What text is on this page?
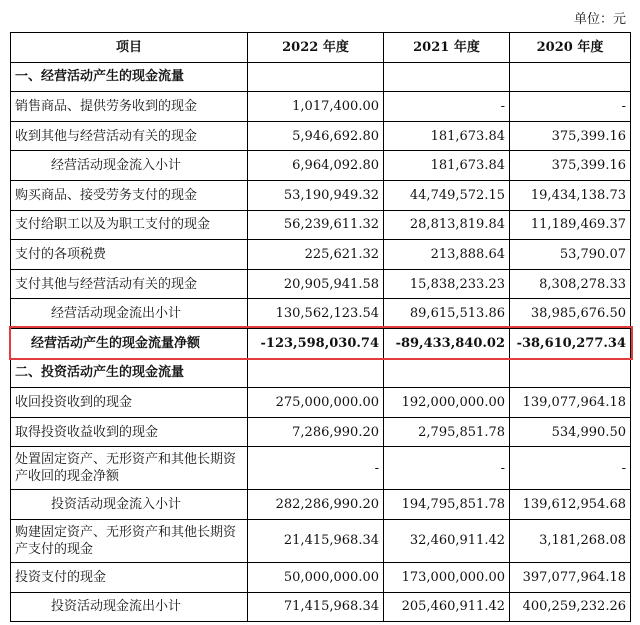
单位：元
项目	2022 年度	2021 年度	2020 年度
一、经营活动产生的现金流量			
销售商品、提供劳务收到的现金	1,017,400.00	-	-
收到其他与经营活动有关的现金	5,946,692.80	181,673.84	375,399.16
经营活动现金流入小计	6,964,092.80	181,673.84	375,399.16
购买商品、接受劳务支付的现金	53,190,949.32	44,749,572.15	19,434,138.73
支付给职工以及为职工支付的现金	56,239,611.32	28,813,819.84	11,189,469.37
支付的各项税费	225,621.32	213,888.64	53,790.07
支付其他与经营活动有关的现金	20,905,941.58	15,838,233.23	8,308,278.33
经营活动现金流出小计	130,562,123.54	89,615,513.86	38,985,676.50
经营活动产生的现金流量净额	-123,598,030.74	-89,433,840.02	-38,610,277.34
二、投资活动产生的现金流量			
收回投资收到的现金	275,000,000.00	192,000,000.00	139,077,964.18
取得投资收益收到的现金	7,286,990.20	2,795,851.78	534,990.50
处置固定资产、无形资产和其他长期资产收回的现金净额	-	-	-
投资活动现金流入小计	282,286,990.20	194,795,851.78	139,612,954.68
购建固定资产、无形资产和其他长期资产支付的现金	21,415,968.34	32,460,911.42	3,181,268.08
投资支付的现金	50,000,000.00	173,000,000.00	397,077,964.18
投资活动现金流出小计	71,415,968.34	205,460,911.42	400,259,232.26
